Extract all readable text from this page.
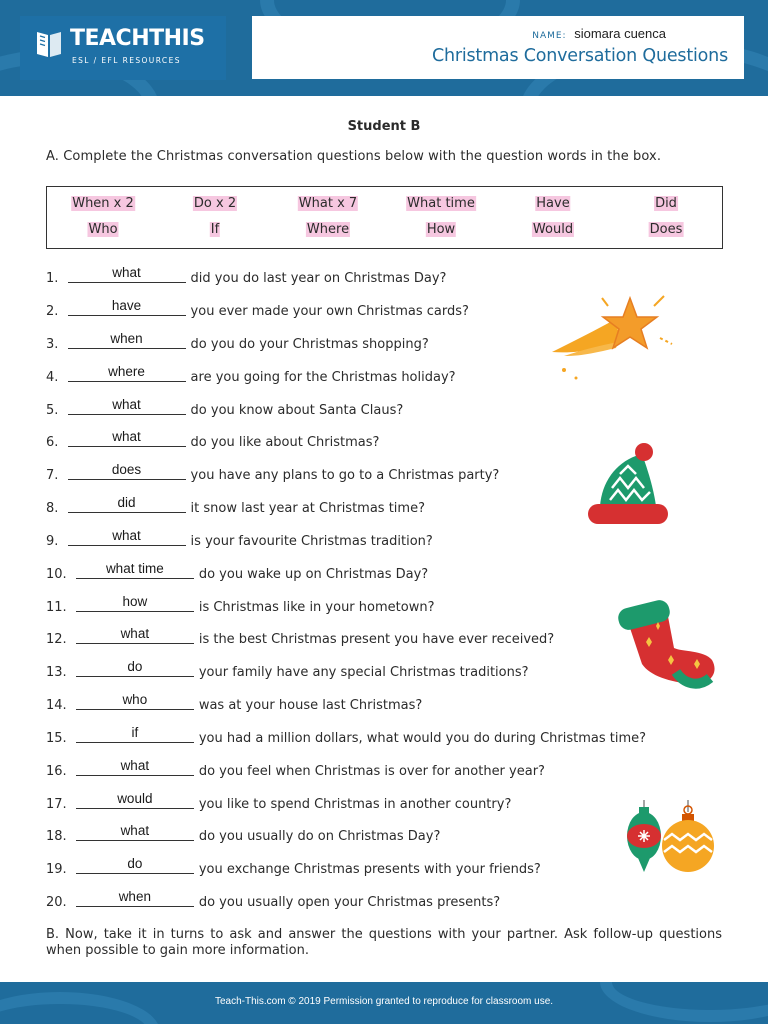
TEACHTHIS
ESL / EFL RESOURCES
NAME: siomara cuenca
Christmas Conversation Questions
Student B
A. Complete the Christmas conversation questions below with the question words in the box.
When x 2	Do x 2	What x 7	What time	Have	Did
Who	If	Where	How	Would	Does
1.	what	did you do last year on Christmas Day?
2.	have	you ever made your own Christmas cards?
3.	when	do you do your Christmas shopping?
4.	where	are you going for the Christmas holiday?
5.	what	do you know about Santa Claus?
6.	what	do you like about Christmas?
7.	does	you have any plans to go to a Christmas party?
8.	did	it snow last year at Christmas time?
9.	what	is your favourite Christmas tradition?
10.	what time	do you wake up on Christmas Day?
11.	how	is Christmas like in your hometown?
12.	what	is the best Christmas present you have ever received?
13.	do	your family have any special Christmas traditions?
14.	who	was at your house last Christmas?
15.	if	you had a million dollars, what would you do during Christmas time?
16.	what	do you feel when Christmas is over for another year?
17.	would	you like to spend Christmas in another country?
18.	what	do you usually do on Christmas Day?
19.	do	you exchange Christmas presents with your friends?
20.	when	do you usually open your Christmas presents?
B. Now, take it in turns to ask and answer the questions with your partner. Ask follow-up questions when possible to gain more information.
Teach-This.com © 2019 Permission granted to reproduce for classroom use.
